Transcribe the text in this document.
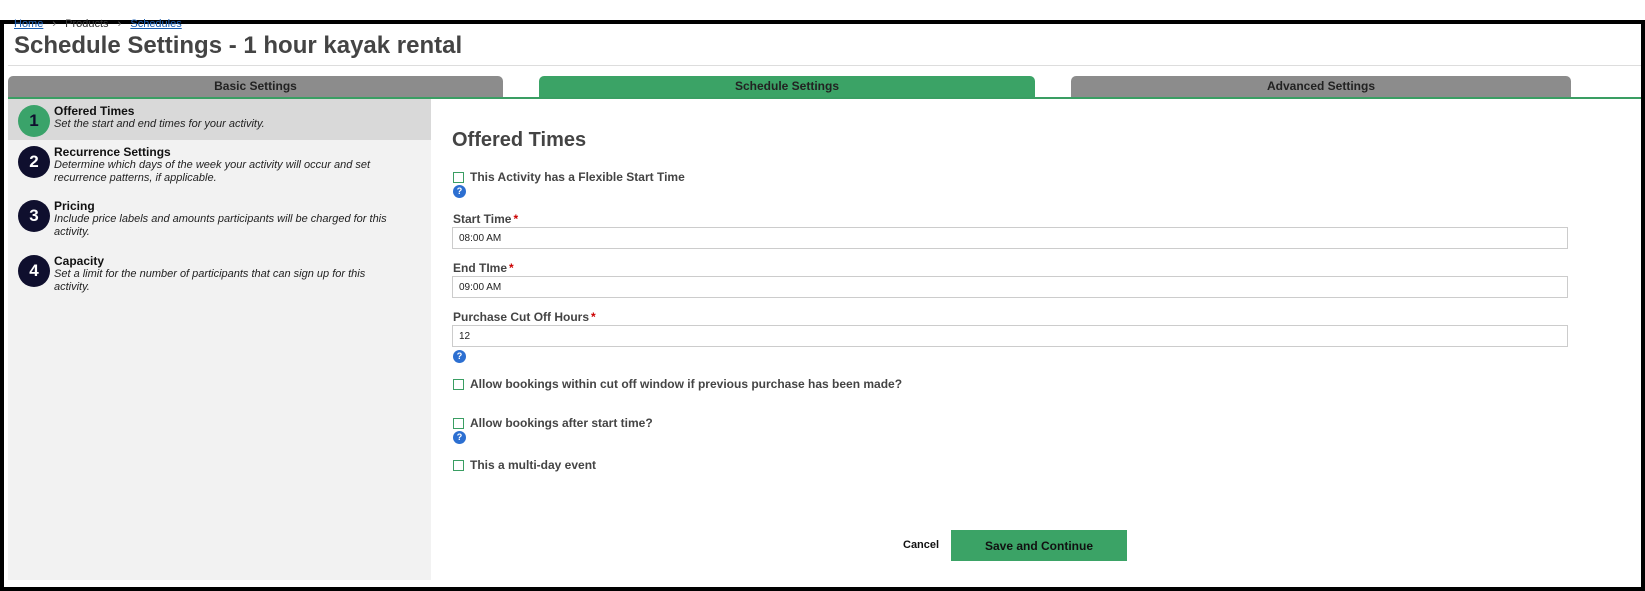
Home › Products › Schedules
Schedule Settings - 1 hour kayak rental
Basic Settings	Schedule Settings	Advanced Settings
1	Offered Times
Set the start and end times for your activity.
2	Recurrence Settings
Determine which days of the week your activity will occur and set recurrence patterns, if applicable.
3	Pricing
Include price labels and amounts participants will be charged for this activity.
4	Capacity
Set a limit for the number of participants that can sign up for this activity.
Offered Times
This Activity has a Flexible Start Time
?
Start Time *
08:00 AM
End TIme *
09:00 AM
Purchase Cut Off Hours *
12
?
Allow bookings within cut off window if previous purchase has been made?
Allow bookings after start time?
?
This a multi-day event
Cancel	Save and Continue
